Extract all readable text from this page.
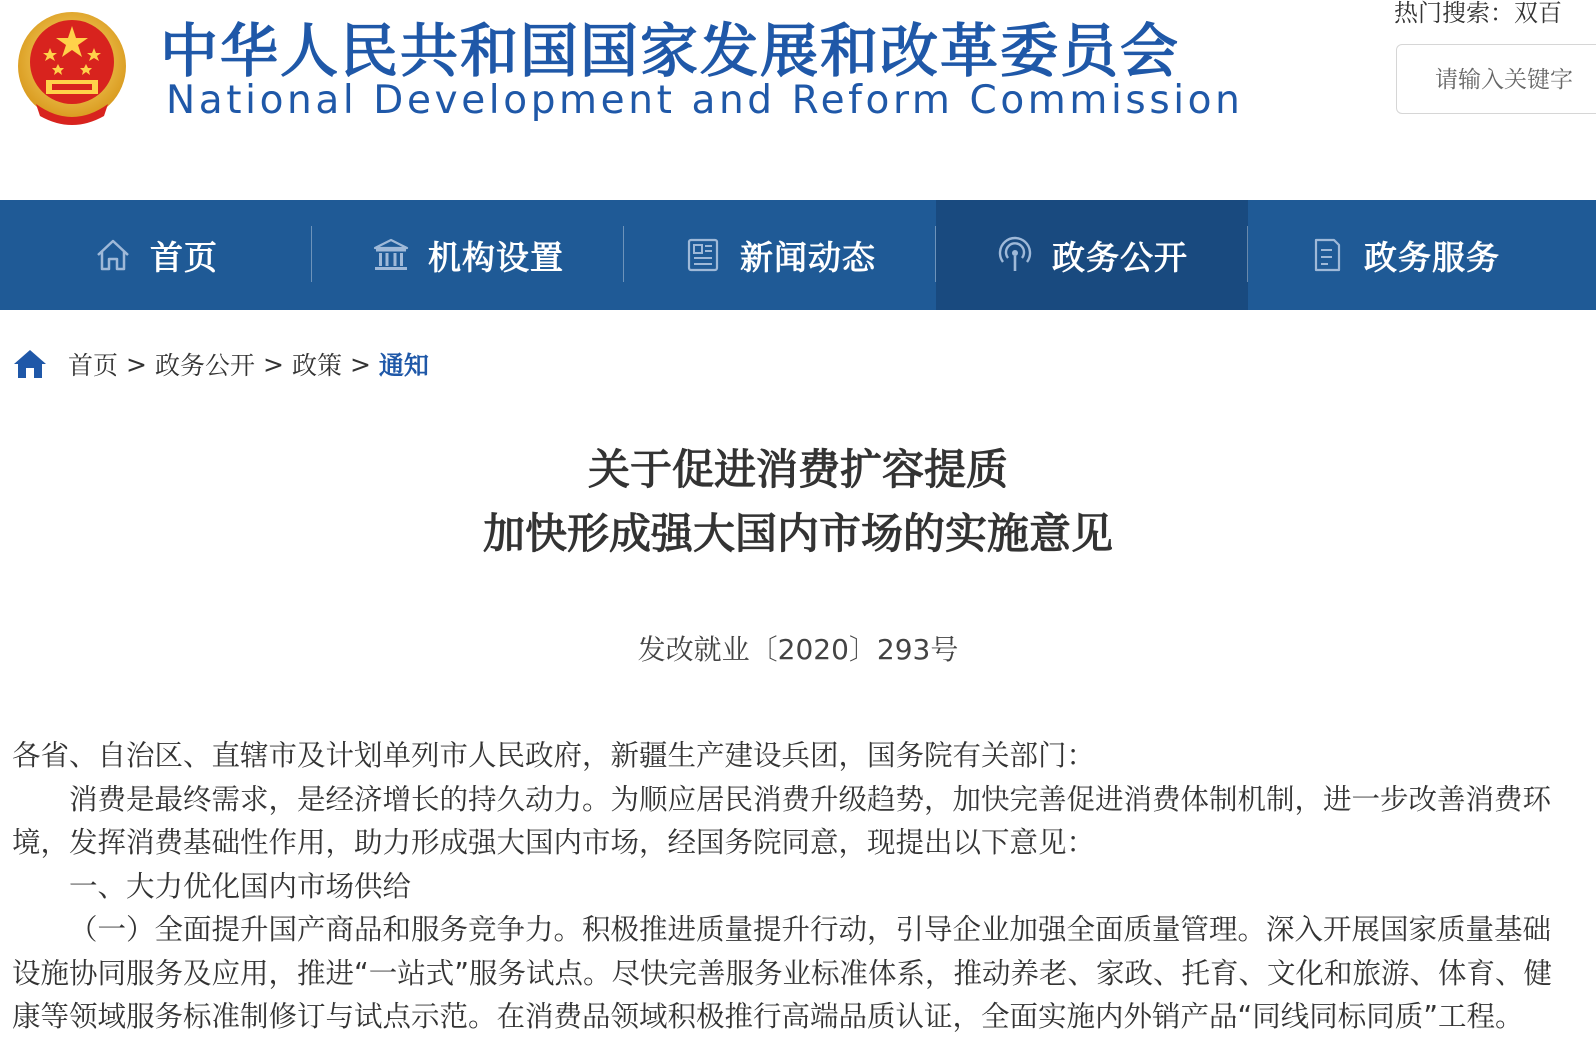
中华人民共和国国家发展和改革委员会
National Development and Reform Commission
热门搜索：双百
请输入关键字
首页	机构设置	新闻动态	政务公开	政务服务
首页 > 政务公开 > 政策 > 通知
关于促进消费扩容提质
加快形成强大国内市场的实施意见
发改就业〔2020〕293号

各省、自治区、直辖市及计划单列市人民政府，新疆生产建设兵团，国务院有关部门：

消费是最终需求，是经济增长的持久动力。为顺应居民消费升级趋势，加快完善促进消费体制机制，进一步改善消费环境，发挥消费基础性作用，助力形成强大国内市场，经国务院同意，现提出以下意见：

一、大力优化国内市场供给

（一）全面提升国产商品和服务竞争力。积极推进质量提升行动，引导企业加强全面质量管理。深入开展国家质量基础设施协同服务及应用，推进“一站式”服务试点。尽快完善服务业标准体系，推动养老、家政、托育、文化和旅游、体育、健康等领域服务标准制修订与试点示范。在消费品领域积极推行高端品质认证，全面实施内外销产品“同线同标同质”工程。
